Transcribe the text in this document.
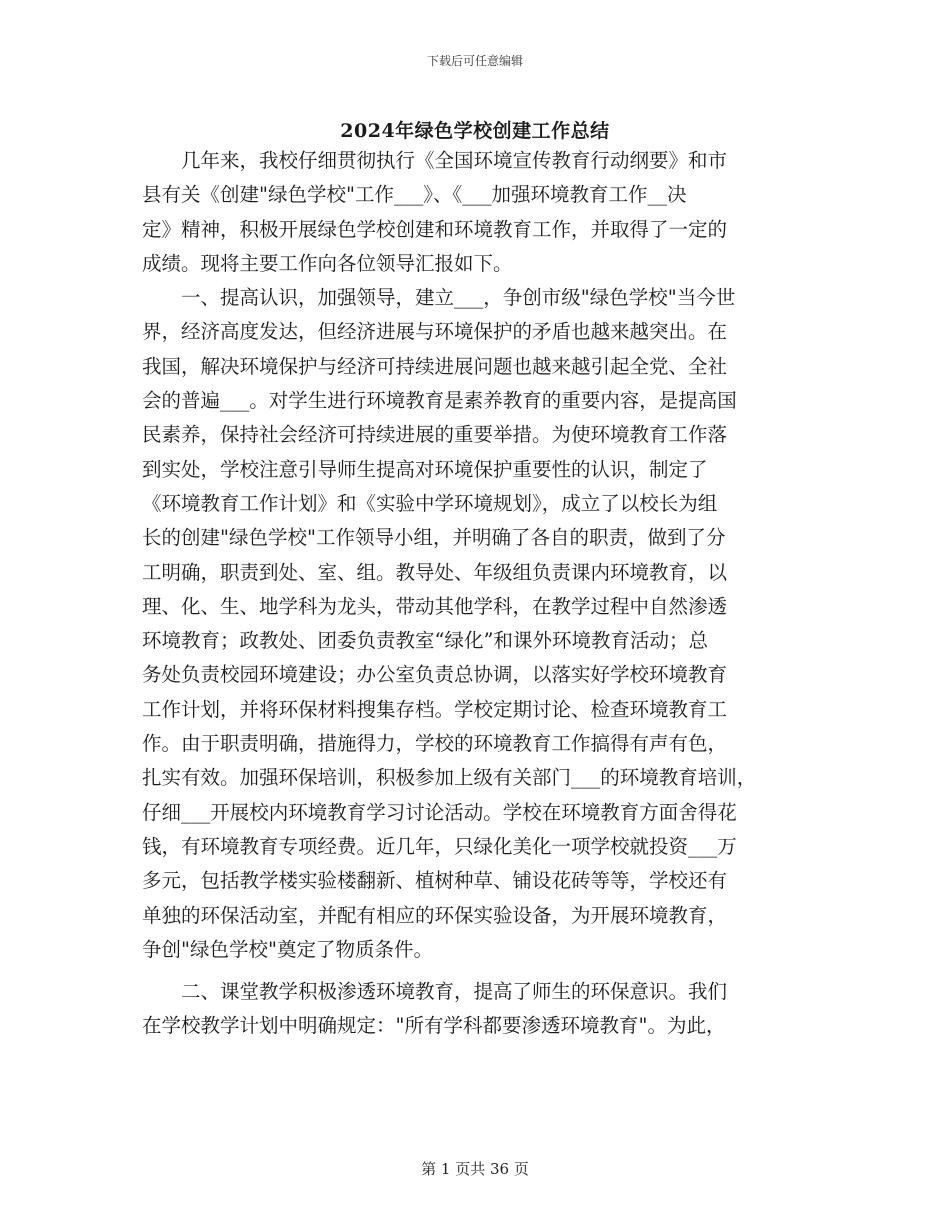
下载后可任意编辑
2024年绿色学校创建工作总结
　　几年来，我校仔细贯彻执行《全国环境宣传教育行动纲要》和市
县有关《创建"绿色学校"工作___》、《___加强环境教育工作__决
定》精神，积极开展绿色学校创建和环境教育工作，并取得了一定的
成绩。现将主要工作向各位领导汇报如下。
　　一、提高认识，加强领导，建立___，争创市级"绿色学校"当今世
界，经济高度发达，但经济进展与环境保护的矛盾也越来越突出。在
我国，解决环境保护与经济可持续进展问题也越来越引起全党、全社
会的普遍___。对学生进行环境教育是素养教育的重要内容，是提高国
民素养，保持社会经济可持续进展的重要举措。为使环境教育工作落
到实处，学校注意引导师生提高对环境保护重要性的认识，制定了
《环境教育工作计划》和《实验中学环境规划》，成立了以校长为组
长的创建"绿色学校"工作领导小组，并明确了各自的职责，做到了分
工明确，职责到处、室、组。教导处、年级组负责课内环境教育，以
理、化、生、地学科为龙头，带动其他学科，在教学过程中自然渗透
环境教育；政教处、团委负责教室“绿化”和课外环境教育活动；总
务处负责校园环境建设；办公室负责总协调，以落实好学校环境教育
工作计划，并将环保材料搜集存档。学校定期讨论、检查环境教育工
作。由于职责明确，措施得力，学校的环境教育工作搞得有声有色，
扎实有效。加强环保培训，积极参加上级有关部门___的环境教育培训，
仔细___开展校内环境教育学习讨论活动。学校在环境教育方面舍得花
钱，有环境教育专项经费。近几年，只绿化美化一项学校就投资___万
多元，包括教学楼实验楼翻新、植树种草、铺设花砖等等，学校还有
单独的环保活动室，并配有相应的环保实验设备，为开展环境教育，
争创"绿色学校"奠定了物质条件。
　　二、课堂教学积极渗透环境教育，提高了师生的环保意识。我们
在学校教学计划中明确规定："所有学科都要渗透环境教育"。为此，
第 1 页共 36 页
